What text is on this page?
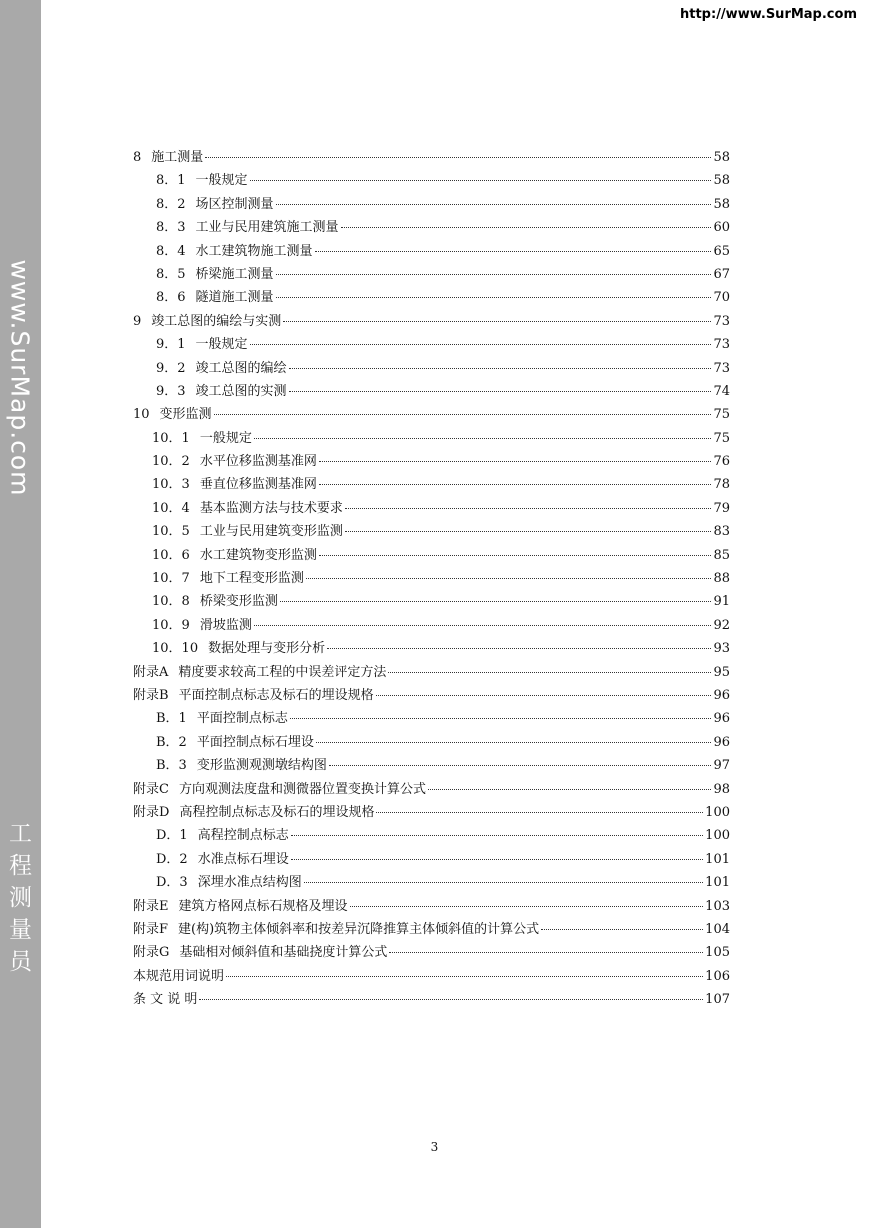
www.SurMap.com
工
程
测
量
员
http://www.SurMap.com
8 施工测量	58
8．1 一般规定	58
8．2 场区控制测量	58
8．3 工业与民用建筑施工测量	60
8．4 水工建筑物施工测量	65
8．5 桥梁施工测量	67
8．6 隧道施工测量	70
9 竣工总图的编绘与实测	73
9．1 一般规定	73
9．2 竣工总图的编绘	73
9．3 竣工总图的实测	74
10 变形监测	75
10．1 一般规定	75
10．2 水平位移监测基准网	76
10．3 垂直位移监测基准网	78
10．4 基本监测方法与技术要求	79
10．5 工业与民用建筑变形监测	83
10．6 水工建筑物变形监测	85
10．7 地下工程变形监测	88
10．8 桥梁变形监测	91
10．9 滑坡监测	92
10．10 数据处理与变形分析	93
附录A 精度要求较高工程的中误差评定方法	95
附录B 平面控制点标志及标石的埋设规格	96
B．1 平面控制点标志	96
B．2 平面控制点标石埋设	96
B．3 变形监测观测墩结构图	97
附录C 方向观测法度盘和测微器位置变换计算公式	98
附录D 高程控制点标志及标石的埋设规格	100
D．1 高程控制点标志	100
D．2 水准点标石埋设	101
D．3 深埋水准点结构图	101
附录E 建筑方格网点标石规格及埋设	103
附录F 建(构)筑物主体倾斜率和按差异沉降推算主体倾斜值的计算公式	104
附录G 基础相对倾斜值和基础挠度计算公式	105
本规范用词说明	106
条 文 说 明	107
3
